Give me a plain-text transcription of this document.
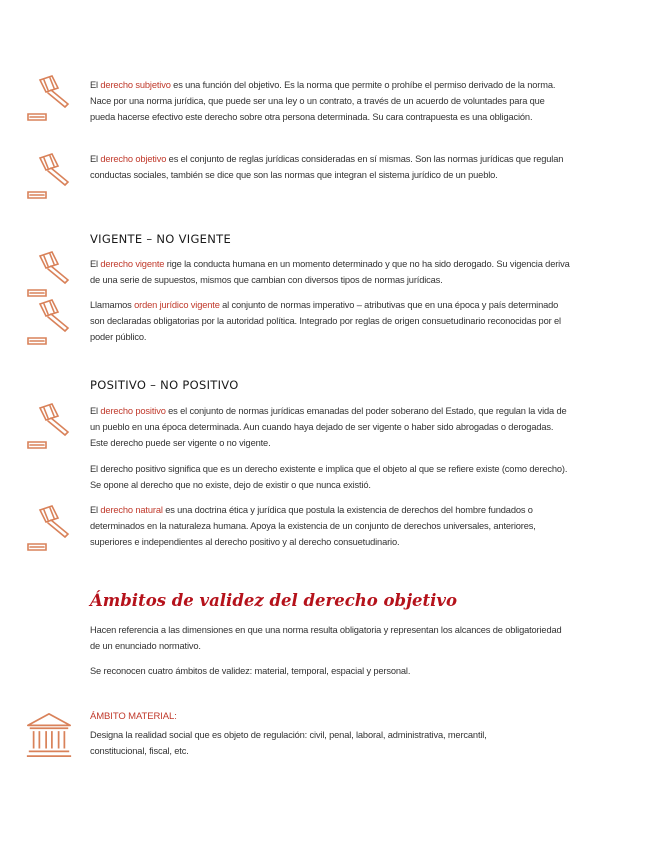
El derecho subjetivo es una función del objetivo. Es la norma que permite o prohíbe el permiso derivado de la norma. Nace por una norma jurídica, que puede ser una ley o un contrato, a través de un acuerdo de voluntades para que pueda hacerse efectivo este derecho sobre otra persona determinada. Su cara contrapuesta es una obligación.
El derecho objetivo es el conjunto de reglas jurídicas consideradas en sí mismas. Son las normas jurídicas que regulan conductas sociales, también se dice que son las normas que integran el sistema jurídico de un pueblo.
VIGENTE – NO VIGENTE
El derecho vigente rige la conducta humana en un momento determinado y que no ha sido derogado. Su vigencia deriva de una serie de supuestos, mismos que cambian con diversos tipos de normas jurídicas.
Llamamos orden jurídico vigente al conjunto de normas imperativo – atributivas que en una época y país determinado son declaradas obligatorias por la autoridad política. Integrado por reglas de origen consuetudinario reconocidas por el poder público.
POSITIVO – NO POSITIVO
El derecho positivo es el conjunto de normas jurídicas emanadas del poder soberano del Estado, que regulan la vida de un pueblo en una época determinada. Aun cuando haya dejado de ser vigente o haber sido abrogadas o derogadas. Este derecho puede ser vigente o no vigente.
El derecho positivo significa que es un derecho existente e implica que el objeto al que se refiere existe (como derecho). Se opone al derecho que no existe, dejo de existir o que nunca existió.
El derecho natural es una doctrina ética y jurídica que postula la existencia de derechos del hombre fundados o determinados en la naturaleza humana. Apoya la existencia de un conjunto de derechos universales, anteriores, superiores e independientes al derecho positivo y al derecho consuetudinario.
Ámbitos de validez del derecho objetivo
Hacen referencia a las dimensiones en que una norma resulta obligatoria y representan los alcances de obligatoriedad de un enunciado normativo.
Se reconocen cuatro ámbitos de validez: material, temporal, espacial y personal.
ÁMBITO MATERIAL:
Designa la realidad social que es objeto de regulación: civil, penal, laboral, administrativa, mercantil, constitucional, fiscal, etc.
